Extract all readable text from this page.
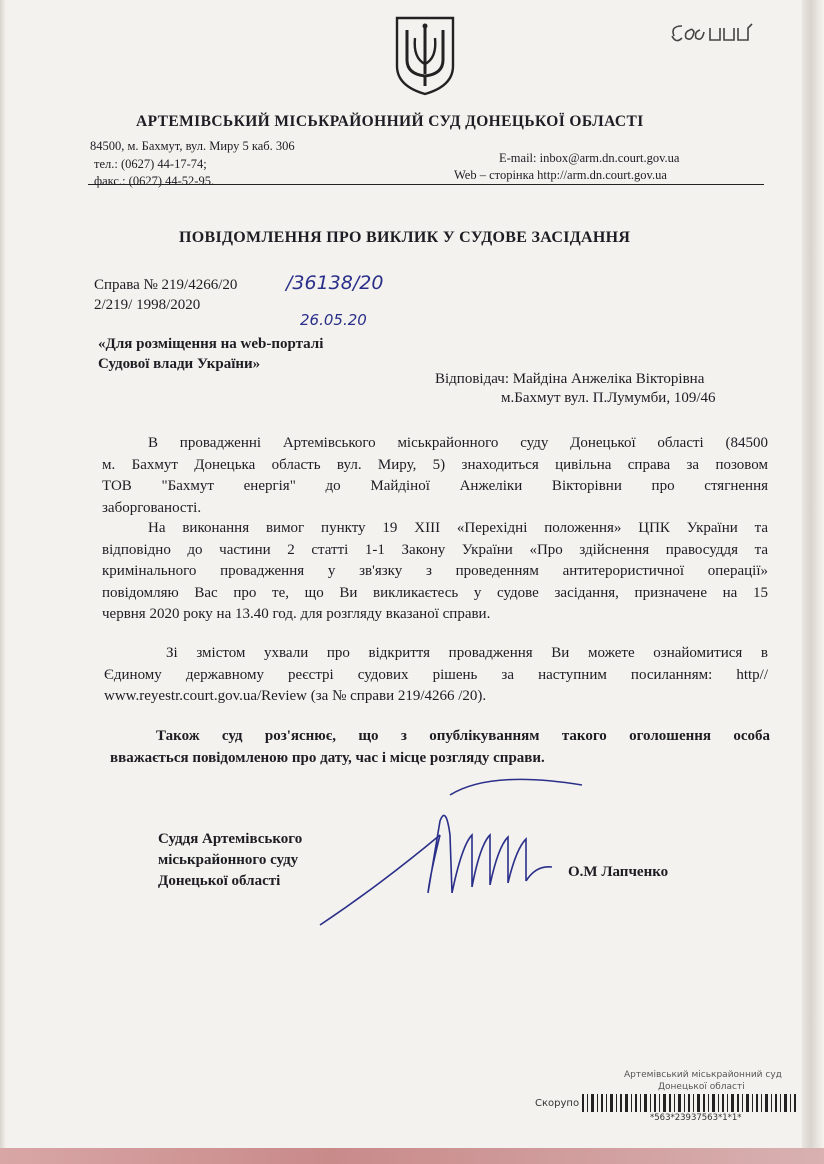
АРТЕМІВСЬКИЙ МІСЬКРАЙОННИЙ СУД ДОНЕЦЬКОЇ ОБЛАСТІ
84500, м. Бахмут, вул. Миру 5 каб. 306
тел.: (0627) 44-17-74;
факс.: (0627) 44-52-95.
E-mail: inbox@arm.dn.court.gov.ua
Web – сторінка http://arm.dn.court.gov.ua
ПОВІДОМЛЕННЯ ПРО ВИКЛИК У СУДОВЕ ЗАСІДАННЯ
Справа № 219/4266/20
2/219/ 1998/2020
/36138/20
26.05.20
«Для розміщення на web-порталі
Судової влади України»
Відповідач: Майдіна Анжеліка Вікторівна
м.Бахмут вул. П.Лумумби, 109/46
В провадженні Артемівського міськрайонного суду Донецької області (84500
м. Бахмут Донецька область вул. Миру, 5) знаходиться цивільна справа за позовом
ТОВ "Бахмут енергія" до Майдіної Анжеліки Вікторівни про стягнення
заборгованості.
На виконання вимог пункту 19 ХIII «Перехідні положення» ЦПК України та
відповідно до частини 2 статті 1-1 Закону України «Про здійснення правосуддя та
кримінального провадження у зв'язку з проведенням антитерористичної операції»
повідомляю Вас про те, що Ви викликаєтесь у судове засідання, призначене на 15
червня 2020 року на 13.40 год. для розгляду вказаної справи.
Зі змістом ухвали про відкриття провадження Ви можете ознайомитися в
Єдиному державному реєстрі судових рішень за наступним посиланням: http//
www.reyestr.court.gov.ua/Review (за № справи 219/4266 /20).
Також суд роз'яснює, що з опублікуванням такого оголошення особа
вважається повідомленою про дату, час і місце розгляду справи.
Суддя Артемівського
міськрайонного суду
Донецької області
О.М Лапченко
Артемівський міськрайонний суд
Донецької області
Скорупо
*563*23937563*1*1*
